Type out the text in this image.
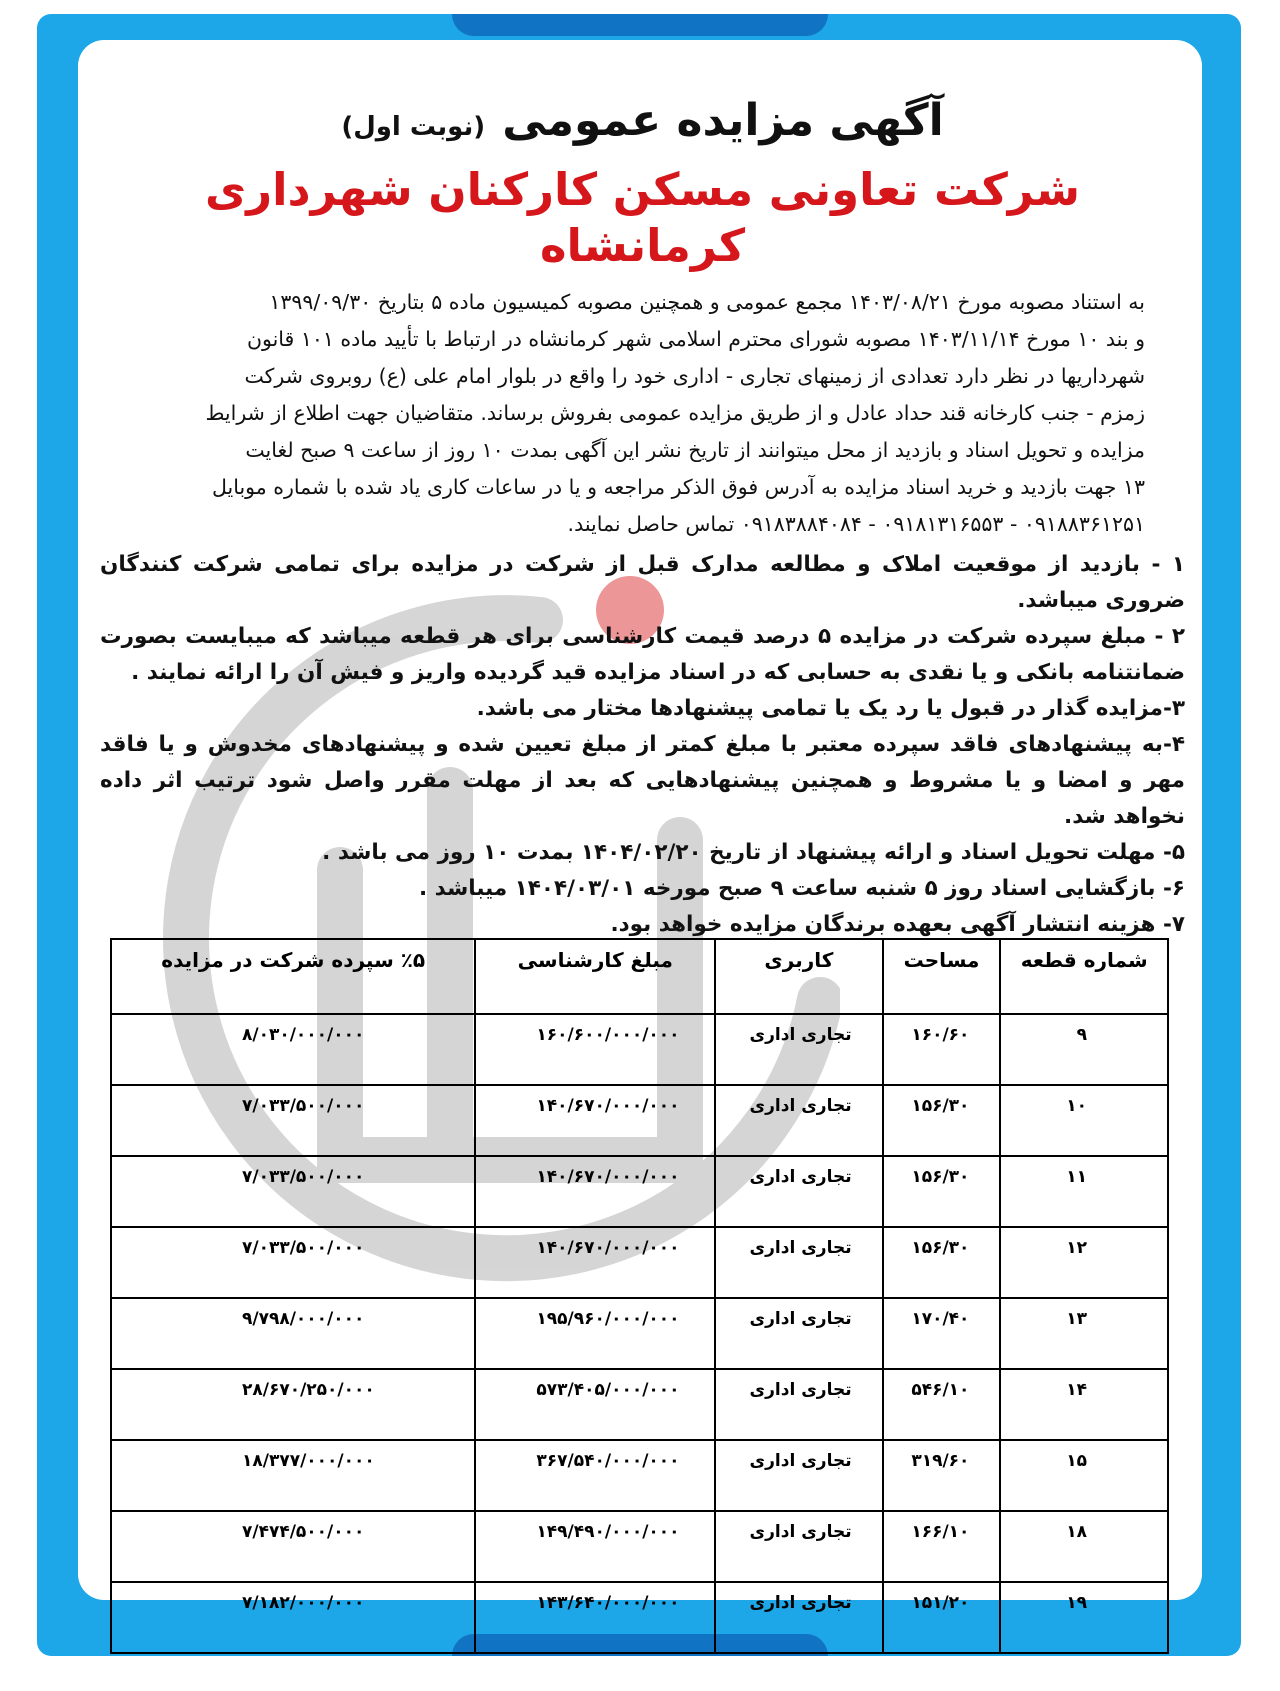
آگهی مزایده عمومی (نوبت اول)
شرکت تعاونی مسکن کارکنان شهرداری کرمانشاه
به استناد مصوبه مورخ ۱۴۰۳/۰۸/۲۱ مجمع عمومی و همچنین مصوبه کمیسیون ماده ۵ بتاریخ ۱۳۹۹/۰۹/۳۰
و بند ۱۰ مورخ ۱۴۰۳/۱۱/۱۴ مصوبه شورای محترم اسلامی شهر کرمانشاه در ارتباط با تأیید ماده ۱۰۱ قانون
شهرداریها در نظر دارد تعدادی از زمینهای تجاری - اداری خود را واقع در بلوار امام علی (ع) روبروی شرکت
زمزم - جنب کارخانه قند حداد عادل و از طریق مزایده عمومی بفروش برساند. متقاضیان جهت اطلاع از شرایط
مزایده و تحویل اسناد و بازدید از محل میتوانند از تاریخ نشر این آگهی بمدت ۱۰ روز از ساعت ۹ صبح لغایت
۱۳ جهت بازدید و خرید اسناد مزایده به آدرس فوق الذکر مراجعه و یا در ساعات کاری یاد شده با شماره موبایل
۰۹۱۸۸۳۶۱۲۵۱ - ۰۹۱۸۱۳۱۶۵۵۳ - ۰۹۱۸۳۸۸۴۰۸۴ تماس حاصل نمایند.
۱ - بازدید از موقعیت املاک و مطالعه مدارک قبل از شرکت در مزایده برای تمامی شرکت کنندگان ضروری میباشد.
۲ - مبلغ سپرده شرکت در مزایده ۵ درصد قیمت کارشناسی برای هر قطعه میباشد که میبایست بصورت ضمانتنامه بانکی و یا نقدی به حسابی که در اسناد مزایده قید گردیده واریز و فیش آن را ارائه نمایند .
۳-مزایده گذار در قبول یا رد یک یا تمامی پیشنهادها مختار می باشد.
۴-به پیشنهادهای فاقد سپرده معتبر با مبلغ کمتر از مبلغ تعیین شده و پیشنهادهای مخدوش و یا فاقد مهر و امضا و یا مشروط و همچنین پیشنهادهایی که بعد از مهلت مقرر واصل شود ترتیب اثر داده نخواهد شد.
۵- مهلت تحویل اسناد و ارائه پیشنهاد از تاریخ ۱۴۰۴/۰۲/۲۰ بمدت ۱۰ روز می باشد .
۶- بازگشایی اسناد روز ۵ شنبه ساعت ۹ صبح مورخه ۱۴۰۴/۰۳/۰۱ میباشد .
۷- هزینه انتشار آگهی بعهده برندگان مزایده خواهد بود.
شماره قطعه	مساحت	کاربری	مبلغ کارشناسی	٪۵ سپرده شرکت در مزایده
۹	۱۶۰/۶۰	تجاری اداری	۱۶۰/۶۰۰/۰۰۰/۰۰۰	۸/۰۳۰/۰۰۰/۰۰۰
۱۰	۱۵۶/۳۰	تجاری اداری	۱۴۰/۶۷۰/۰۰۰/۰۰۰	۷/۰۳۳/۵۰۰/۰۰۰
۱۱	۱۵۶/۳۰	تجاری اداری	۱۴۰/۶۷۰/۰۰۰/۰۰۰	۷/۰۳۳/۵۰۰/۰۰۰
۱۲	۱۵۶/۳۰	تجاری اداری	۱۴۰/۶۷۰/۰۰۰/۰۰۰	۷/۰۳۳/۵۰۰/۰۰۰
۱۳	۱۷۰/۴۰	تجاری اداری	۱۹۵/۹۶۰/۰۰۰/۰۰۰	۹/۷۹۸/۰۰۰/۰۰۰
۱۴	۵۴۶/۱۰	تجاری اداری	۵۷۳/۴۰۵/۰۰۰/۰۰۰	۲۸/۶۷۰/۲۵۰/۰۰۰
۱۵	۳۱۹/۶۰	تجاری اداری	۳۶۷/۵۴۰/۰۰۰/۰۰۰	۱۸/۳۷۷/۰۰۰/۰۰۰
۱۸	۱۶۶/۱۰	تجاری اداری	۱۴۹/۴۹۰/۰۰۰/۰۰۰	۷/۴۷۴/۵۰۰/۰۰۰
۱۹	۱۵۱/۲۰	تجاری اداری	۱۴۳/۶۴۰/۰۰۰/۰۰۰	۷/۱۸۲/۰۰۰/۰۰۰
